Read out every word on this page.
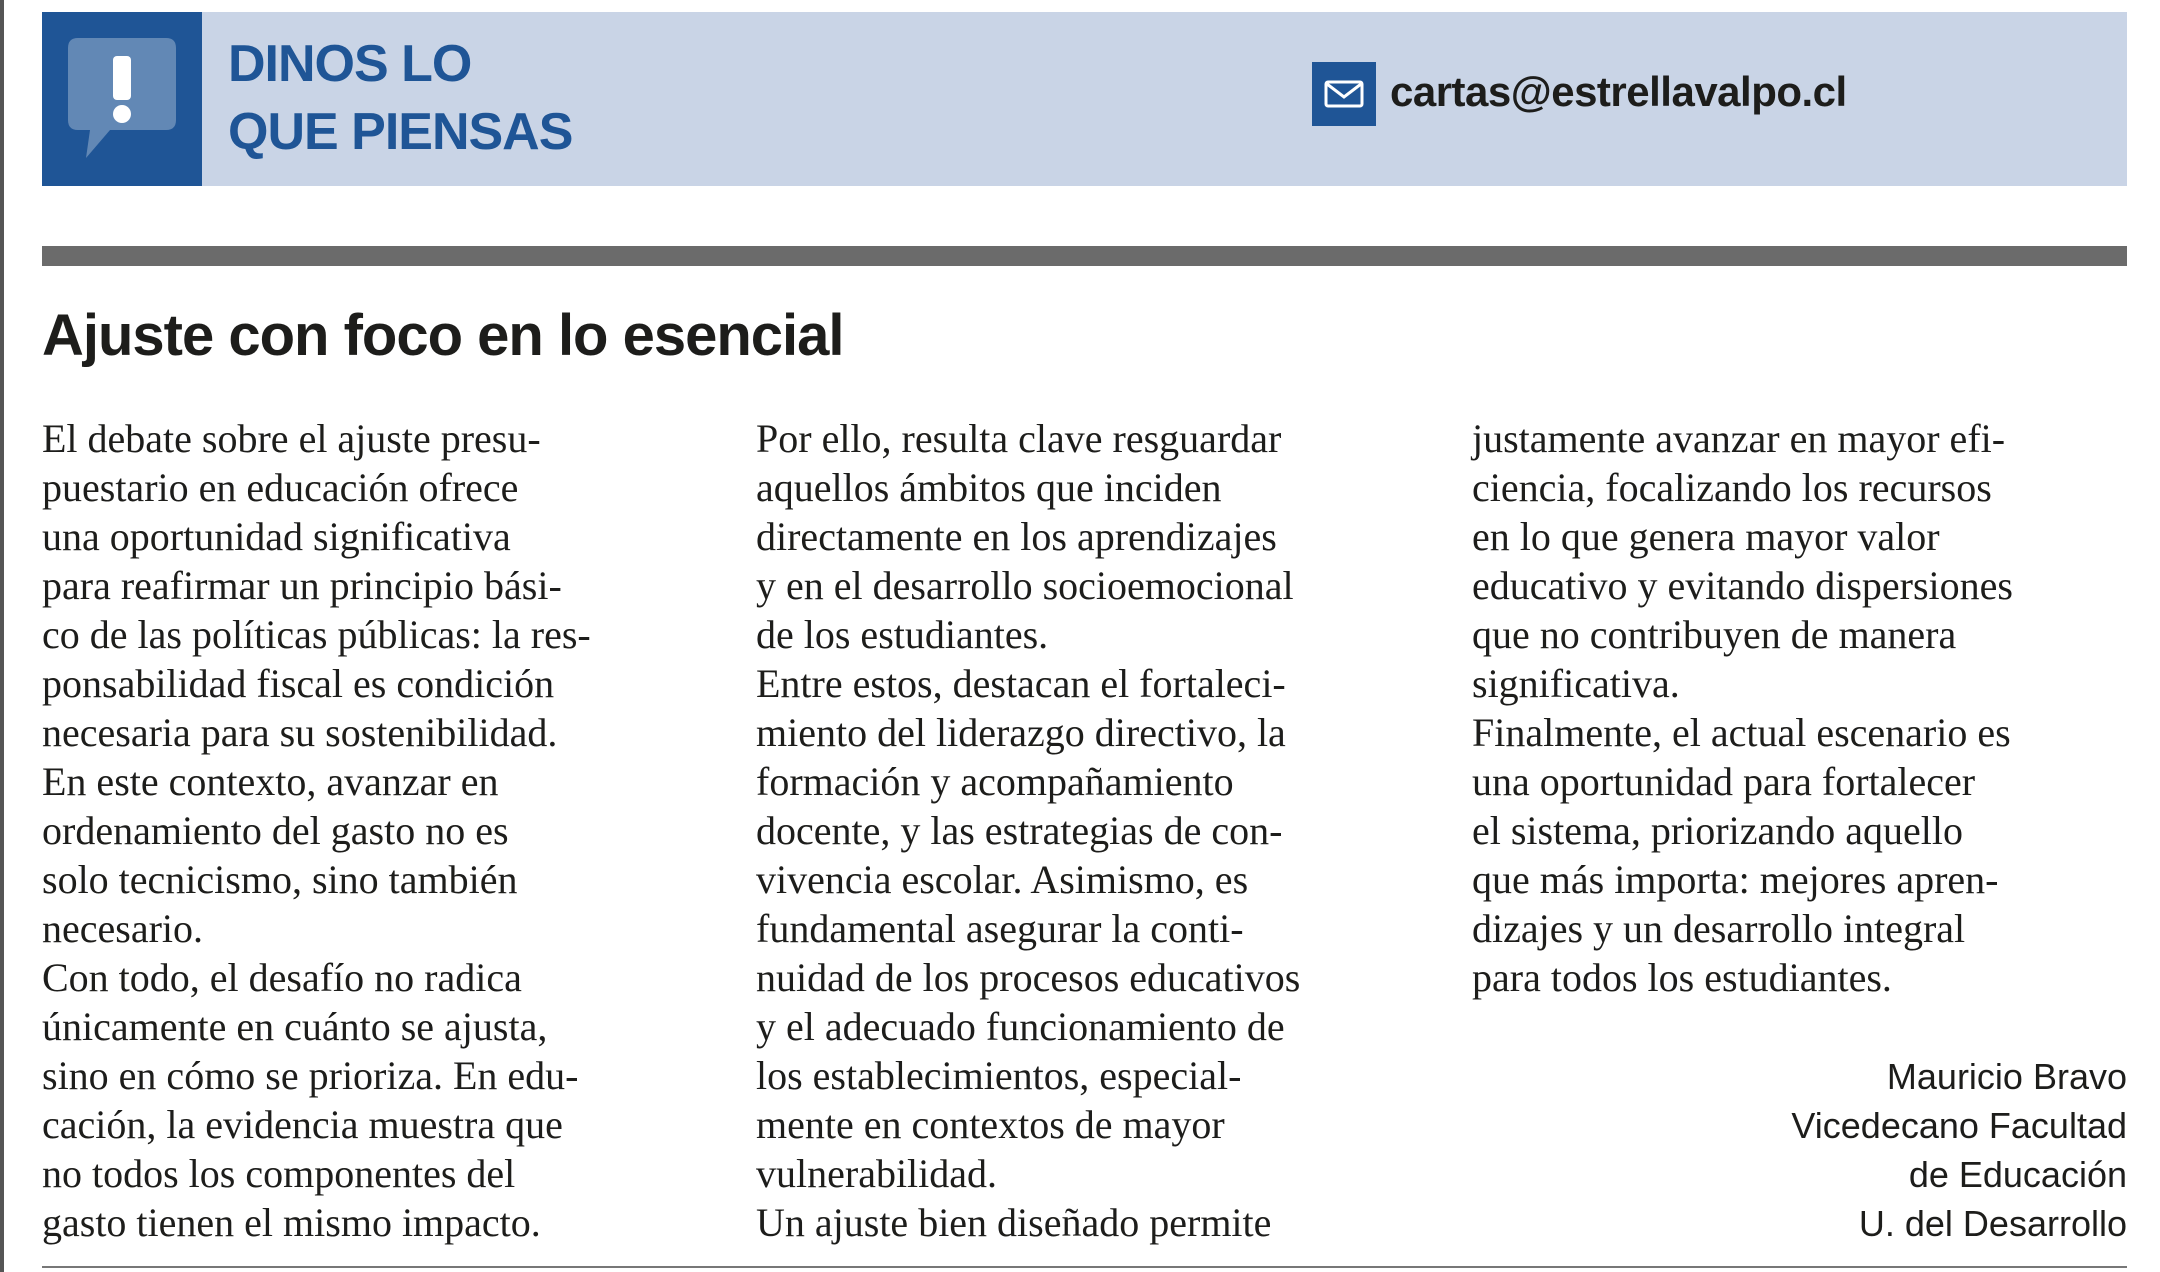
DINOS LO
QUE PIENSAS
cartas@estrellavalpo.cl
Ajuste con foco en lo esencial
El debate sobre el ajuste presu-
puestario en educación ofrece
una oportunidad significativa
para reafirmar un principio bási-
co de las políticas públicas: la res-
ponsabilidad fiscal es condición
necesaria para su sostenibilidad.
En este contexto, avanzar en
ordenamiento del gasto no es
solo tecnicismo, sino también
necesario.
Con todo, el desafío no radica
únicamente en cuánto se ajusta,
sino en cómo se prioriza. En edu-
cación, la evidencia muestra que
no todos los componentes del
gasto tienen el mismo impacto.
Por ello, resulta clave resguardar
aquellos ámbitos que inciden
directamente en los aprendizajes
y en el desarrollo socioemocional
de los estudiantes.
Entre estos, destacan el fortaleci-
miento del liderazgo directivo, la
formación y acompañamiento
docente, y las estrategias de con-
vivencia escolar. Asimismo, es
fundamental asegurar la conti-
nuidad de los procesos educativos
y el adecuado funcionamiento de
los establecimientos, especial-
mente en contextos de mayor
vulnerabilidad.
Un ajuste bien diseñado permite
justamente avanzar en mayor efi-
ciencia, focalizando los recursos
en lo que genera mayor valor
educativo y evitando dispersiones
que no contribuyen de manera
significativa.
Finalmente, el actual escenario es
una oportunidad para fortalecer
el sistema, priorizando aquello
que más importa: mejores apren-
dizajes y un desarrollo integral
para todos los estudiantes.
Mauricio Bravo
Vicedecano Facultad
de Educación
U. del Desarrollo
